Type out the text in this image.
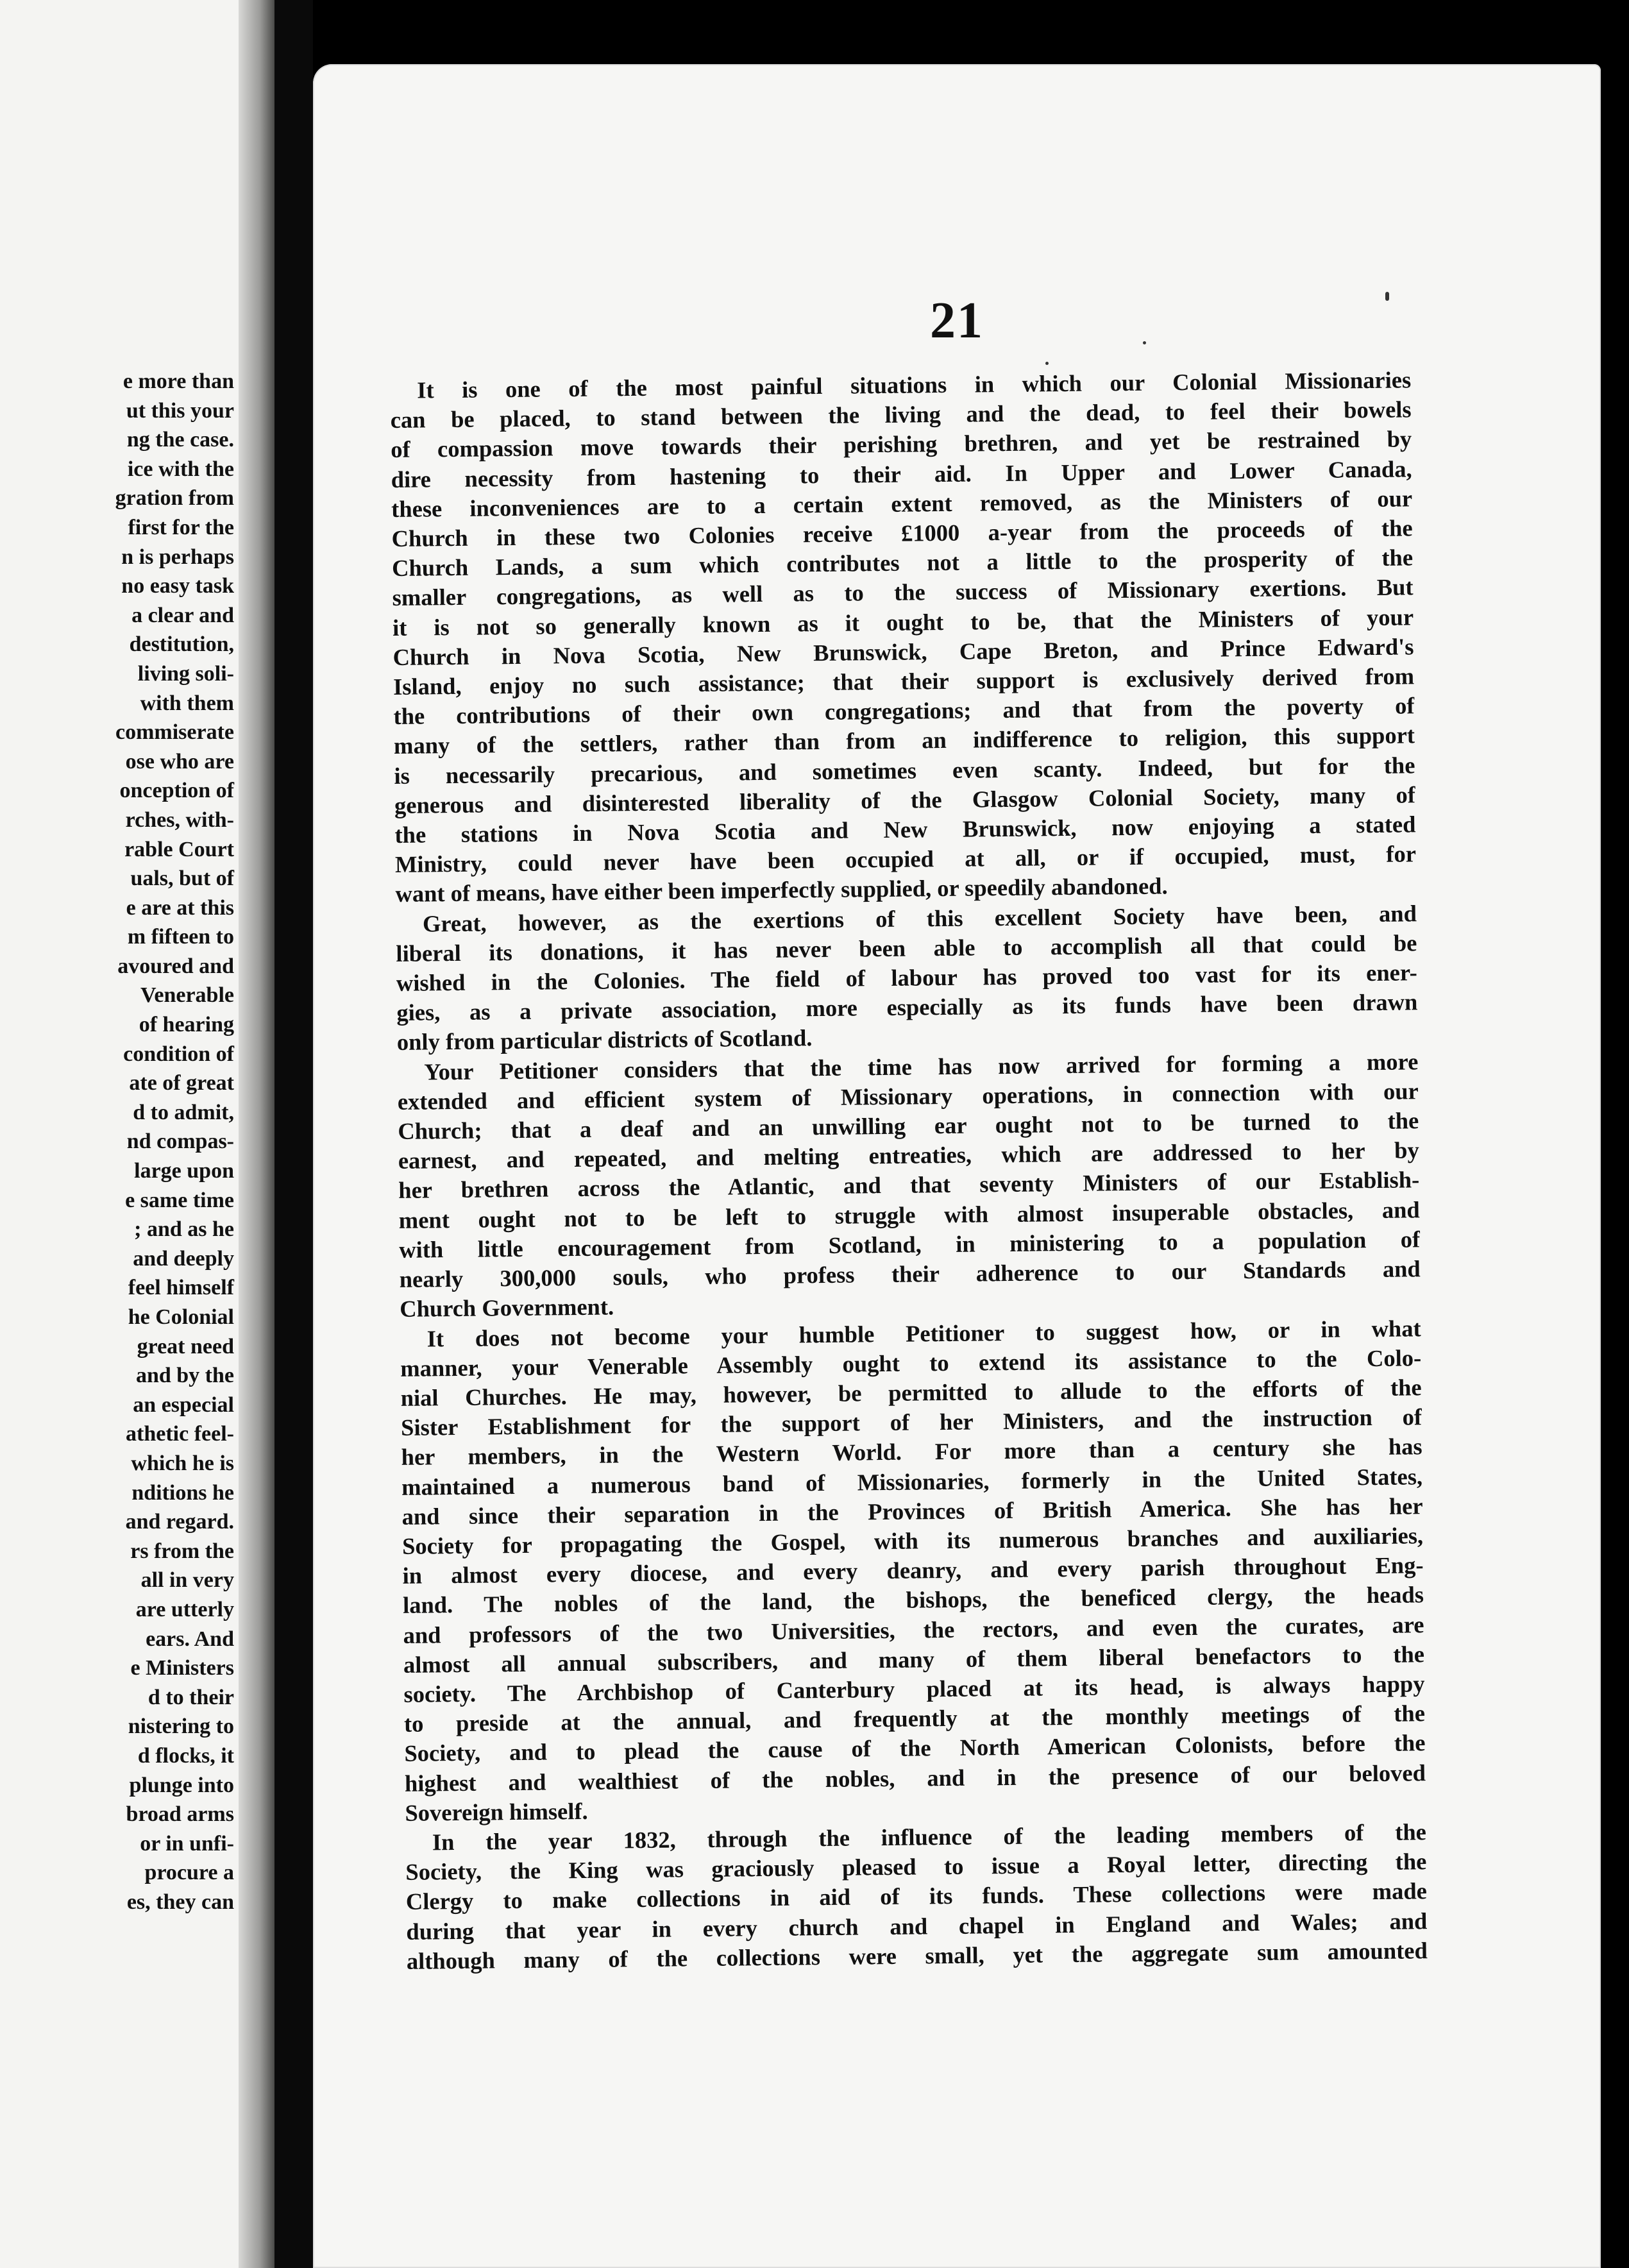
e more than
ut this your
ng the case.
ice with the
gration from
first for the
n is perhaps
no easy task
a clear and
destitution,
living soli-
with them
commiserate
ose who are
onception of
rches, with-
rable Court
uals, but of
e are at this
m fifteen to
avoured and
Venerable
of hearing
condition of
ate of great
d to admit,
nd compas-
large upon
e same time
; and as he
and deeply
feel himself
he Colonial
great need
and by the
an especial
athetic feel-
which he is
nditions he
and regard.
rs from the
all in very
are utterly
ears. And
e Ministers
d to their
nistering to
d flocks, it
plunge into
broad arms
or in unfi-
procure a
es, they can
21
It is one of the most painful situations in which our Colonial Missionaries
can be placed, to stand between the living and the dead, to feel their bowels
of compassion move towards their perishing brethren, and yet be restrained by
dire necessity from hastening to their aid. In Upper and Lower Canada,
these inconveniences are to a certain extent removed, as the Ministers of our
Church in these two Colonies receive £1000 a-year from the proceeds of the
Church Lands, a sum which contributes not a little to the prosperity of the
smaller congregations, as well as to the success of Missionary exertions. But
it is not so generally known as it ought to be, that the Ministers of your
Church in Nova Scotia, New Brunswick, Cape Breton, and Prince Edward's
Island, enjoy no such assistance; that their support is exclusively derived from
the contributions of their own congregations; and that from the poverty of
many of the settlers, rather than from an indifference to religion, this support
is necessarily precarious, and sometimes even scanty. Indeed, but for the
generous and disinterested liberality of the Glasgow Colonial Society, many of
the stations in Nova Scotia and New Brunswick, now enjoying a stated
Ministry, could never have been occupied at all, or if occupied, must, for
want of means, have either been imperfectly supplied, or speedily abandoned.
Great, however, as the exertions of this excellent Society have been, and
liberal its donations, it has never been able to accomplish all that could be
wished in the Colonies. The field of labour has proved too vast for its ener-
gies, as a private association, more especially as its funds have been drawn
only from particular districts of Scotland.
Your Petitioner considers that the time has now arrived for forming a more
extended and efficient system of Missionary operations, in connection with our
Church; that a deaf and an unwilling ear ought not to be turned to the
earnest, and repeated, and melting entreaties, which are addressed to her by
her brethren across the Atlantic, and that seventy Ministers of our Establish-
ment ought not to be left to struggle with almost insuperable obstacles, and
with little encouragement from Scotland, in ministering to a population of
nearly 300,000 souls, who profess their adherence to our Standards and
Church Government.
It does not become your humble Petitioner to suggest how, or in what
manner, your Venerable Assembly ought to extend its assistance to the Colo-
nial Churches. He may, however, be permitted to allude to the efforts of the
Sister Establishment for the support of her Ministers, and the instruction of
her members, in the Western World. For more than a century she has
maintained a numerous band of Missionaries, formerly in the United States,
and since their separation in the Provinces of British America. She has her
Society for propagating the Gospel, with its numerous branches and auxiliaries,
in almost every diocese, and every deanry, and every parish throughout Eng-
land. The nobles of the land, the bishops, the beneficed clergy, the heads
and professors of the two Universities, the rectors, and even the curates, are
almost all annual subscribers, and many of them liberal benefactors to the
society. The Archbishop of Canterbury placed at its head, is always happy
to preside at the annual, and frequently at the monthly meetings of the
Society, and to plead the cause of the North American Colonists, before the
highest and wealthiest of the nobles, and in the presence of our beloved
Sovereign himself.
In the year 1832, through the influence of the leading members of the
Society, the King was graciously pleased to issue a Royal letter, directing the
Clergy to make collections in aid of its funds. These collections were made
during that year in every church and chapel in England and Wales; and
although many of the collections were small, yet the aggregate sum amounted
